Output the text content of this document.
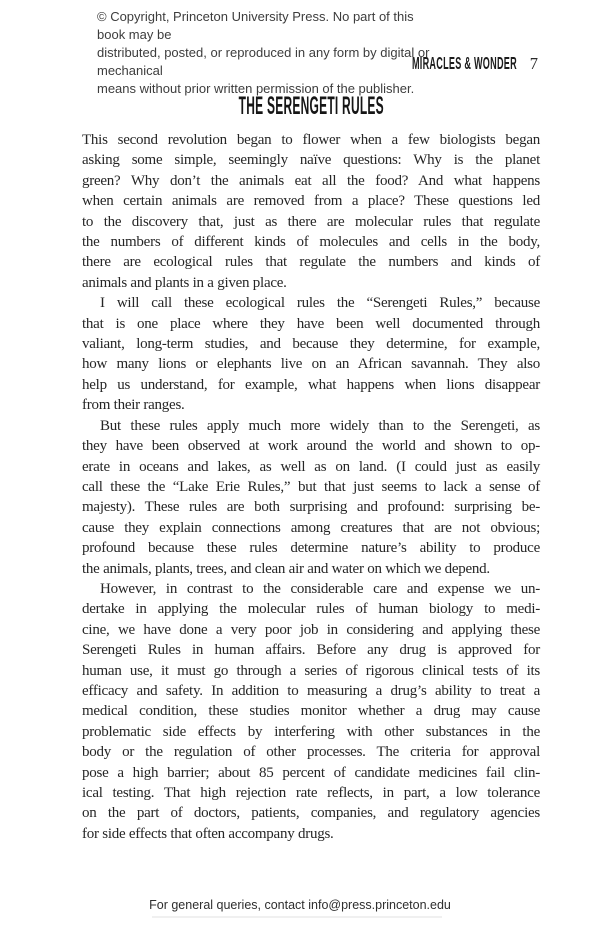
© Copyright, Princeton University Press. No part of this book may be
distributed, posted, or reproduced in any form by digital or mechanical
means without prior written permission of the publisher.
MIRACLES & WONDER 7
THE SERENGETI RULES
This second revolution began to flower when a few biologists began
asking some simple, seemingly naïve questions: Why is the planet
green? Why don’t the animals eat all the food? And what happens
when certain animals are removed from a place? These questions led
to the discovery that, just as there are molecular rules that regulate
the numbers of different kinds of molecules and cells in the body,
there are ecological rules that regulate the numbers and kinds of
animals and plants in a given place.
I will call these ecological rules the “Serengeti Rules,” because
that is one place where they have been well documented through
valiant, long-term studies, and because they determine, for example,
how many lions or elephants live on an African savannah. They also
help us understand, for example, what happens when lions disappear
from their ranges.
But these rules apply much more widely than to the Serengeti, as
they have been observed at work around the world and shown to op-
erate in oceans and lakes, as well as on land. (I could just as easily
call these the “Lake Erie Rules,” but that just seems to lack a sense of
majesty). These rules are both surprising and profound: surprising be-
cause they explain connections among creatures that are not obvious;
profound because these rules determine nature’s ability to produce
the animals, plants, trees, and clean air and water on which we depend.
However, in contrast to the considerable care and expense we un-
dertake in applying the molecular rules of human biology to medi-
cine, we have done a very poor job in considering and applying these
Serengeti Rules in human affairs. Before any drug is approved for
human use, it must go through a series of rigorous clinical tests of its
efficacy and safety. In addition to measuring a drug’s ability to treat a
medical condition, these studies monitor whether a drug may cause
problematic side effects by interfering with other substances in the
body or the regulation of other processes. The criteria for approval
pose a high barrier; about 85 percent of candidate medicines fail clin-
ical testing. That high rejection rate reflects, in part, a low tolerance
on the part of doctors, patients, companies, and regulatory agencies
for side effects that often accompany drugs.
For general queries, contact info@press.princeton.edu
